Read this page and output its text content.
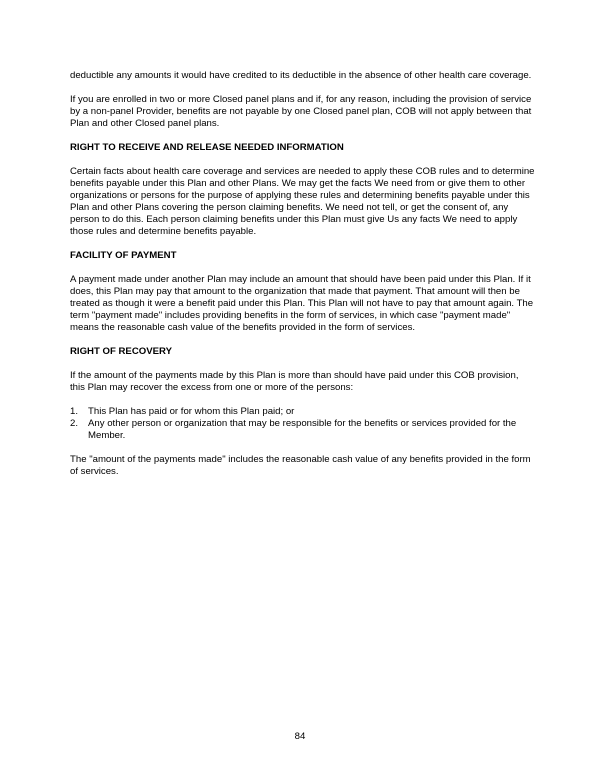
deductible any amounts it would have credited to its deductible in the absence of other health care coverage.

If you are enrolled in two or more Closed panel plans and if, for any reason, including the provision of service by a non-panel Provider, benefits are not payable by one Closed panel plan, COB will not apply between that Plan and other Closed panel plans.

RIGHT TO RECEIVE AND RELEASE NEEDED INFORMATION

Certain facts about health care coverage and services are needed to apply these COB rules and to determine benefits payable under this Plan and other Plans. We may get the facts We need from or give them to other organizations or persons for the purpose of applying these rules and determining benefits payable under this Plan and other Plans covering the person claiming benefits. We need not tell, or get the consent of, any person to do this. Each person claiming benefits under this Plan must give Us any facts We need to apply those rules and determine benefits payable.

FACILITY OF PAYMENT

A payment made under another Plan may include an amount that should have been paid under this Plan. If it does, this Plan may pay that amount to the organization that made that payment. That amount will then be treated as though it were a benefit paid under this Plan. This Plan will not have to pay that amount again. The term "payment made" includes providing benefits in the form of services, in which case "payment made" means the reasonable cash value of the benefits provided in the form of services.

RIGHT OF RECOVERY

If the amount of the payments made by this Plan is more than should have paid under this COB provision, this Plan may recover the excess from one or more of the persons:

1.	This Plan has paid or for whom this Plan paid; or
2.	Any other person or organization that may be responsible for the benefits or services provided for the Member.

The "amount of the payments made" includes the reasonable cash value of any benefits provided in the form of services.

84
